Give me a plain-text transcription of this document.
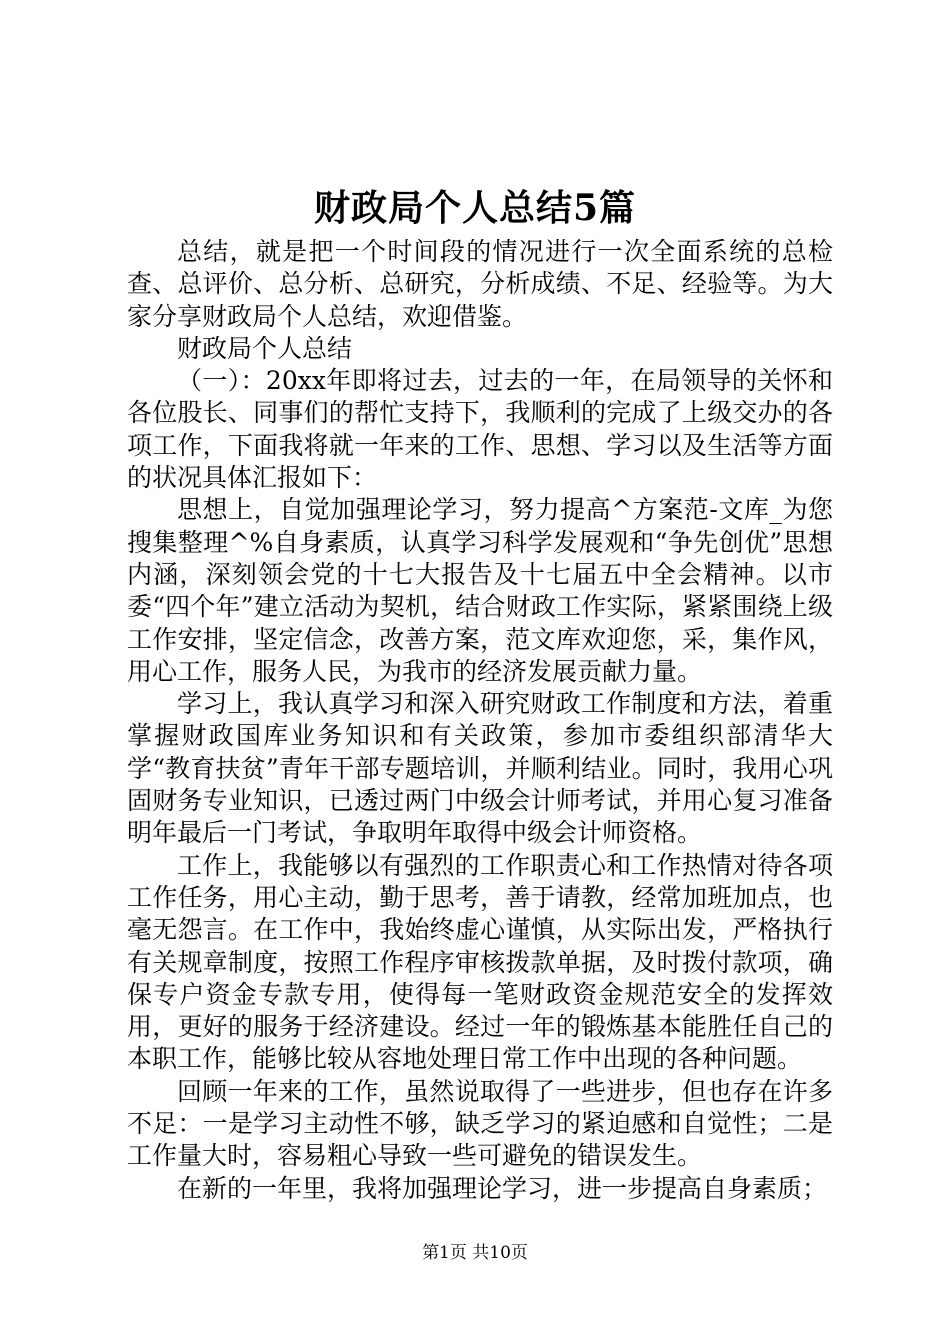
财政局个人总结5篇

总结，就是把一个时间段的情况进行一次全面系统的总检查、总评价、总分析、总研究，分析成绩、不足、经验等。为大家分享财政局个人总结，欢迎借鉴。

财政局个人总结

（一）：20xx年即将过去，过去的一年，在局领导的关怀和各位股长、同事们的帮忙支持下，我顺利的完成了上级交办的各项工作，下面我将就一年来的工作、思想、学习以及生活等方面的状况具体汇报如下：

思想上，自觉加强理论学习，努力提高^方案范-文库_为您搜集整理^%自身素质，认真学习科学发展观和“争先创优”思想内涵，深刻领会党的十七大报告及十七届五中全会精神。以市委“四个年”建立活动为契机，结合财政工作实际，紧紧围绕上级工作安排，坚定信念，改善方案，范文库欢迎您，采，集作风，用心工作，服务人民，为我市的经济发展贡献力量。

学习上，我认真学习和深入研究财政工作制度和方法，着重掌握财政国库业务知识和有关政策，参加市委组织部清华大学“教育扶贫”青年干部专题培训，并顺利结业。同时，我用心巩固财务专业知识，已透过两门中级会计师考试，并用心复习准备明年最后一门考试，争取明年取得中级会计师资格。

工作上，我能够以有强烈的工作职责心和工作热情对待各项工作任务，用心主动，勤于思考，善于请教，经常加班加点，也毫无怨言。在工作中，我始终虚心谨慎，从实际出发，严格执行有关规章制度，按照工作程序审核拨款单据，及时拨付款项，确保专户资金专款专用，使得每一笔财政资金规范安全的发挥效用，更好的服务于经济建设。经过一年的锻炼基本能胜任自己的本职工作，能够比较从容地处理日常工作中出现的各种问题。

回顾一年来的工作，虽然说取得了一些进步，但也存在许多不足：一是学习主动性不够，缺乏学习的紧迫感和自觉性；二是工作量大时，容易粗心导致一些可避免的错误发生。

在新的一年里，我将加强理论学习，进一步提高自身素质；

第1页 共10页
